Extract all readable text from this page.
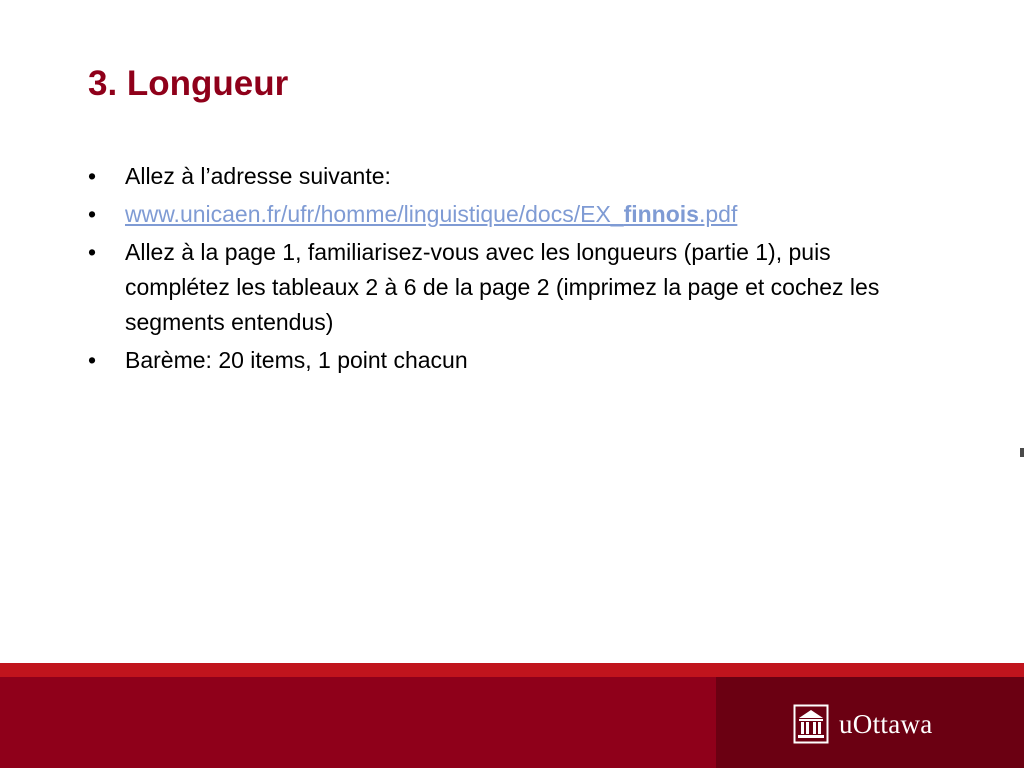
3. Longueur
•	Allez à l’adresse suivante:
•	www.unicaen.fr/ufr/homme/linguistique/docs/EX_finnois.pdf
•	Allez à la page 1, familiarisez-vous avec les longueurs (partie 1), puis complétez les tableaux 2 à 6 de la page 2 (imprimez la page et cochez les segments entendus)
•	Barème: 20 items, 1 point chacun
uOttawa
